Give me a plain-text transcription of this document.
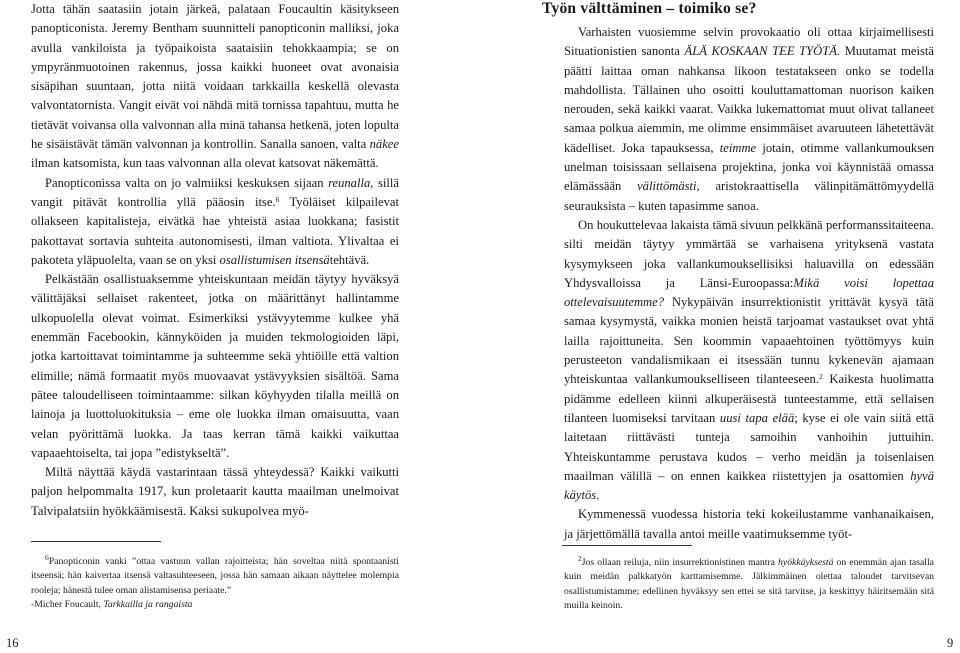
Jotta tähän saatasiin jotain järkeä, palataan Foucaultin käsitykseen panopticonista. Jeremy Bentham suunnitteli panopticonin malliksi, joka avulla vankiloista ja työpaikoista saataisiin tehokkaampia; se on ympyränmuotoinen rakennus, jossa kaikki huoneet ovat avonaisia sisäpihan suuntaan, jotta niitä voidaan tarkkailla keskellä olevasta valvontatornista. Vangit eivät voi nähdä mitä tornissa tapahtuu, mutta he tietävät voivansa olla valvonnan alla minä tahansa hetkenä, joten lopulta he sisäistävät tämän valvonnan ja kontrollin. Sanalla sanoen, valta näkee ilman katsomista, kun taas valvonnan alla olevat katsovat näkemättä.

Panopticonissa valta on jo valmiiksi keskuksen sijaan reunalla, sillä vangit pitävät kontrollia yllä pääosin itse.$^6$ Työläiset kilpailevat ollakseen kapitalisteja, eivätkä hae yhteistä asiaa luokkana; fasistit pakottavat sortavia suhteita autonomisesti, ilman valtiota. Ylivaltaa ei pakoteta yläpuolelta, vaan se on yksi osallistumisen itsensätehtävä.

Pelkästään osallistuaksemme yhteiskuntaan meidän täytyy hyväksyä välittäjäksi sellaiset rakenteet, jotka on määrittänyt hallintamme ulkopuolella olevat voimat. Esimerkiksi ystävyytemme kulkee yhä enemmän Facebookin, kännyköiden ja muiden tekmologioiden läpi, jotka kartoittavat toimintamme ja suhteemme sekä yhtiöille että valtion elimille; nämä formaatit myös muovaavat ystävyyksien sisältöä. Sama pätee taloudelliseen toimintaamme: silkan köyhyyden tilalla meillä on lainoja ja luottoluokituksia – eme ole luokka ilman omaisuutta, vaan velan pyörittämä luokka. Ja taas kerran tämä kaikki vaikuttaa vapaaehtoiselta, tai jopa ”edistykseltä”.

Miltä näyttää käydä vastarintaan tässä yhteydessä? Kaikki vaikutti paljon helpommalta 1917, kun proletaarit kautta maailman unelmoivat Talvipalatsiin hyökkäämisestä. Kaksi sukupolvea myö-

$^6$Panopticonin vanki ”ottaa vastuun vallan rajoitteista; hän soveltaa niitä spontaanisti itseensä; hän kaivertaa itsensä valtasuhteeseen, jossa hän samaan aikaan näyttelee molempia rooleja; hänestä tulee oman alistamisensa periaate.”

-Micher Foucault, Tarkkailla ja rangaista

16
Työn välttäminen – toimiko se?

Varhaisten vuosiemme selvin provokaatio oli ottaa kirjaimellisesti Situationistien sanonta ÄLÄ KOSKAAN TEE TYÖTÄ. Muutamat meistä päätti laittaa oman nahkansa likoon testatakseen onko se todella mahdollista. Tällainen uho osoitti kouluttamattoman nuorison kaiken nerouden, sekä kaikki vaarat. Vaikka lukemattomat muut olivat tallaneet samaa polkua aiemmin, me olimme ensimmäiset avaruuteen lähetettävät kädelliset. Joka tapauksessa, teimme jotain, otimme vallankumouksen unelman toisissaan sellaisena projektina, jonka voi käynnistää omassa elämässään välittömästi, aristokraattisella välinpitämättömyydellä seurauksista – kuten tapasimme sanoa.

On houkuttelevaa lakaista tämä sivuun pelkkänä performanssitaiteena. silti meidän täytyy ymmärtää se varhaisena yrityksenä vastata kysymykseen joka vallankumouksellisiksi haluavilla on edessään Yhdysvalloissa ja Länsi-Euroopassa:Mikä voisi lopettaa ottelevaisuutemme? Nykypäivän insurrektionistit yrittävät kysyä tätä samaa kysymystä, vaikka monien heistä tarjoamat vastaukset ovat yhtä lailla rajoittuneita. Sen koommin vapaaehtoinen työttömyys kuin perusteeton vandalismikaan ei itsessään tunnu kykenevän ajamaan yhteiskuntaa vallankumoukselliseen tilanteeseen.$^2$ Kaikesta huolimatta pidämme edelleen kiinni alkuperäisestä tunteestamme, että sellaisen tilanteen luomiseksi tarvitaan uusi tapa elää; kyse ei ole vain siitä että laitetaan riittävästi tunteja samoihin vanhoihin juttuihin. Yhteiskuntamme perustava kudos – verho meidän ja toisenlaisen maailman välillä – on ennen kaikkea riistettyjen ja osattomien hyvä käytös.

Kymmenessä vuodessa historia teki kokeilustamme vanhanaikaisen, ja järjettömällä tavalla antoi meille vaatimuksemme työt-

$^2$Jos ollaan reiluja, niin insurrektionistinen mantra hyökkäyksestä on enemmän ajan tasalla kuin meidän palkkatyön karttamisemme. Jälkimmäinen olettaa taloudet tarvitsevan osallistumistamme; edellinen hyväksyy sen ettei se sitä tarvitse, ja keskittyy häiritsemään sitä muilla keinoin.

9
